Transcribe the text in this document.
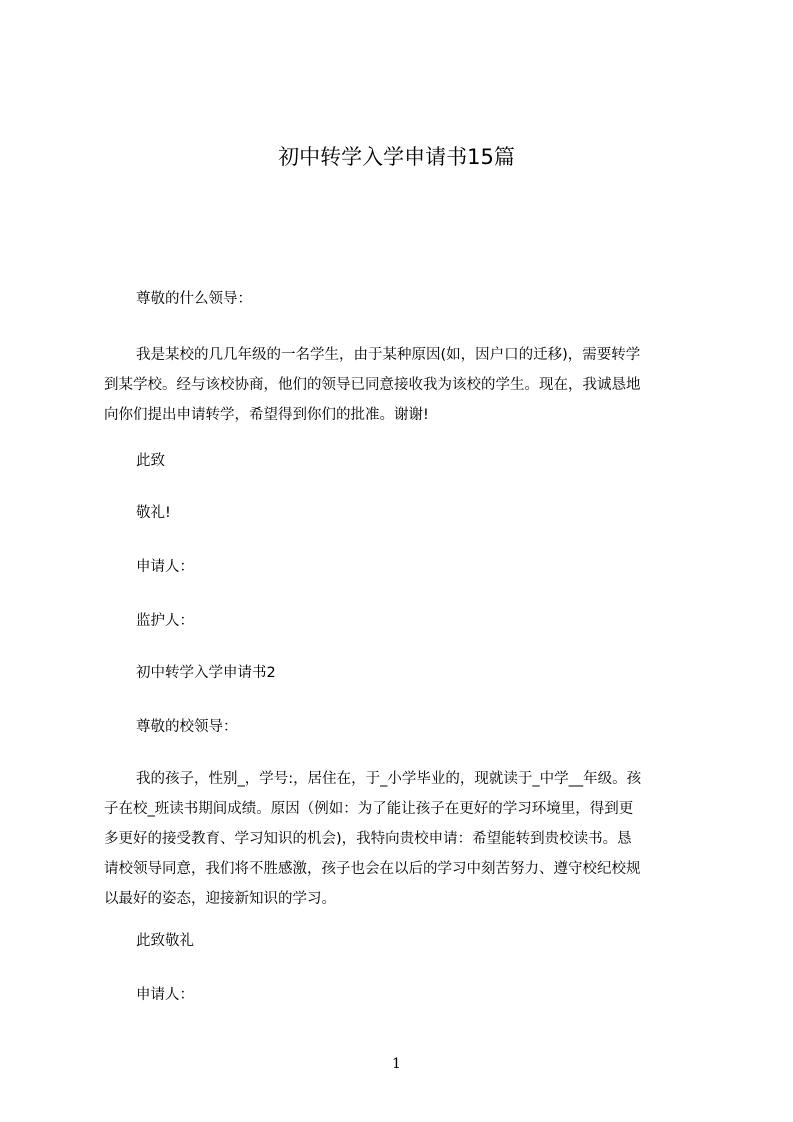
初中转学入学申请书15篇

尊敬的什么领导：

我是某校的几几年级的一名学生，由于某种原因(如，因户口的迁移)，需要转学
到某学校。经与该校协商，他们的领导已同意接收我为该校的学生。现在，我诚恳地
向你们提出申请转学，希望得到你们的批准。谢谢!

此致

敬礼!

申请人：

监护人：

初中转学入学申请书2

尊敬的校领导：

我的孩子，性别_，学号:，居住在，于_小学毕业的，现就读于_中学__年级。孩
子在校_班读书期间成绩。原因（例如：为了能让孩子在更好的学习环境里，得到更
多更好的接受教育、学习知识的机会)，我特向贵校申请：希望能转到贵校读书。恳
请校领导同意，我们将不胜感激，孩子也会在以后的学习中刻苦努力、遵守校纪校规
以最好的姿态，迎接新知识的学习。

此致敬礼

申请人：

1
